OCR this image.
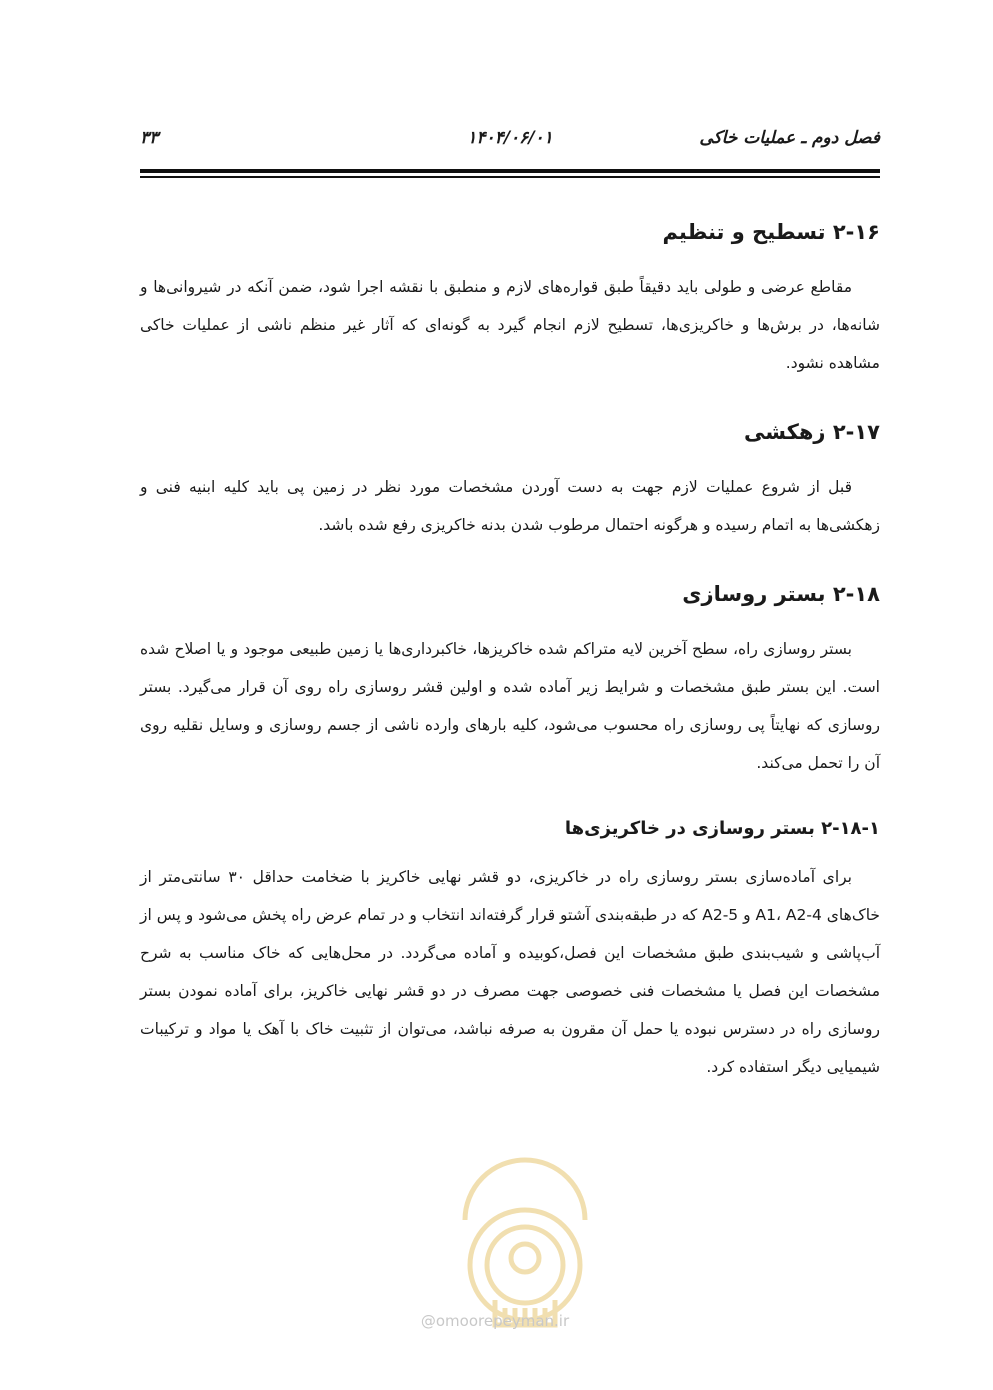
فصل دوم ـ عملیات خاکی
۱۴۰۴/۰۶/۰۱
۳۳
۲-۱۶ تسطیح و تنظیم

مقاطع عرضی و طولی باید دقیقاً طبق قواره‌های لازم و منطبق با نقشه اجرا شود، ضمن آنکه در شیروانی‌ها و شانه‌ها، در برش‌ها و خاکریزی‌ها، تسطیح لازم انجام گیرد به گونه‌ای که آثار غیر منظم ناشی از عملیات خاکی مشاهده نشود.

۲-۱۷ زهکشی

قبل از شروع عملیات لازم جهت به دست آوردن مشخصات مورد نظر در زمین پی باید کلیه ابنیه فنی و زهکشی‌ها به اتمام رسیده و هرگونه احتمال مرطوب شدن بدنه خاکریزی رفع شده باشد.

۲-۱۸ بستر روسازی

بستر روسازی راه، سطح آخرین لایه متراکم شده خاکریزها، خاکبرداری‌ها یا زمین طبیعی موجود و یا اصلاح شده است. این بستر طبق مشخصات و شرایط زیر آماده شده و اولین قشر روسازی راه روی آن قرار می‌گیرد. بستر روسازی که نهایتاً پی روسازی راه محسوب می‌شود، کلیه بارهای وارده ناشی از جسم روسازی و وسایل نقلیه روی آن را تحمل می‌کند.

۲-۱۸-۱ بستر روسازی در خاکریزی‌ها

برای آماده‌سازی بستر روسازی راه در خاکریزی، دو قشر نهایی خاکریز با ضخامت حداقل ۳۰ سانتی‌متر از خاک‌های A1، A2-4 و A2-5 که در طبقه‌بندی آشتو قرار گرفته‌اند انتخاب و در تمام عرض راه پخش می‌شود و پس از آب‌پاشی و شیب‌بندی طبق مشخصات این فصل،کوبیده و آماده می‌گردد. در محل‌هایی که خاک مناسب به شرح مشخصات این فصل یا مشخصات فنی خصوصی جهت مصرف در دو قشر نهایی خاکریز، برای آماده نمودن بستر روسازی راه در دسترس نبوده یا حمل آن مقرون به صرفه نباشد، می‌توان از تثبیت خاک با آهک یا مواد و ترکیبات شیمیایی دیگر استفاده کرد.

@omoorepeyman.ir
